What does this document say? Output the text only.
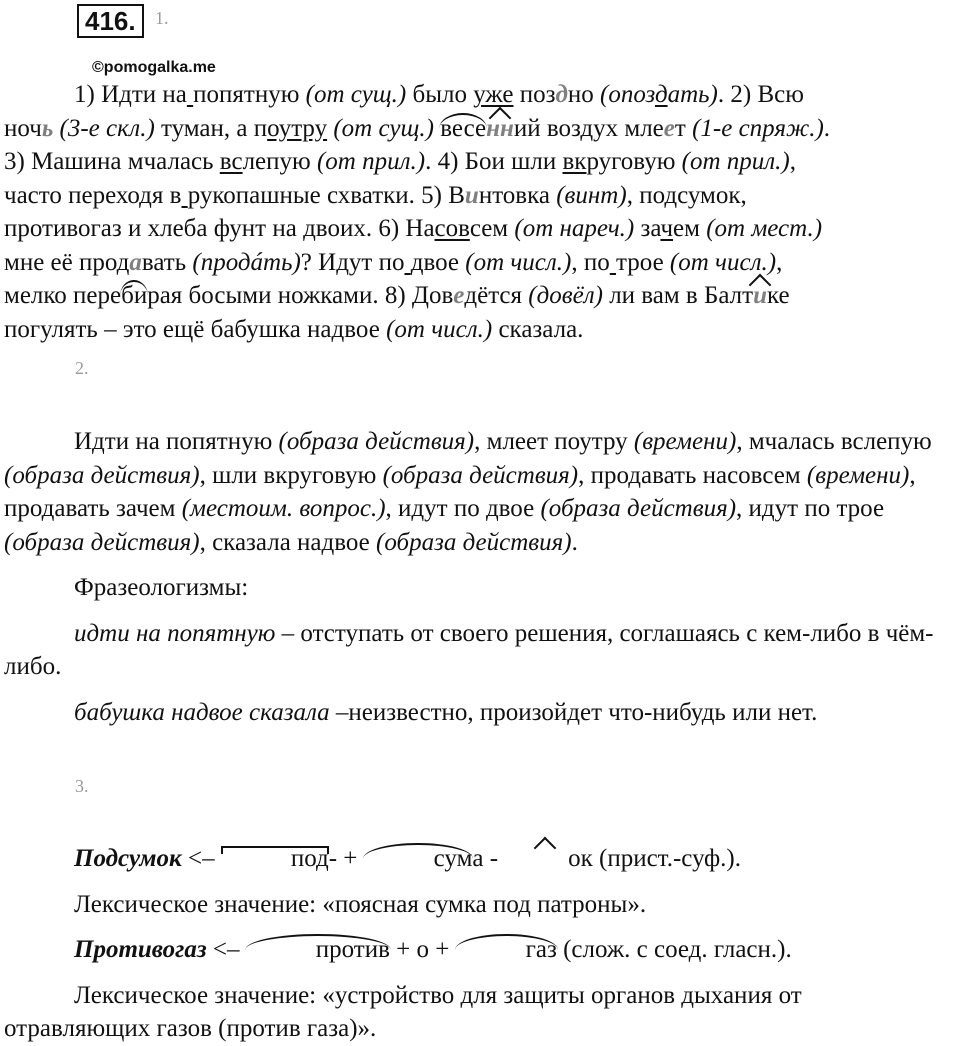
416.	1.
©pomogalka.me
1) Идти на попятную (от сущ.) было уже поздно (опоздать). 2) Всю
ночь (3-е скл.) туман, а поутру (от сущ.) весенний воздух млеет (1-е спряж.).
3) Машина мчалась вслепую (от прил.). 4) Бои шли вкруговую (от прил.),
часто переходя в рукопашные схватки. 5) Винтовка (винт), подсумок,
противогаз и хлеба фунт на двоих. 6) Насовсем (от нареч.) зачем (от мест.)
мне её продавать (продáть)? Идут по двое (от числ.), по трое (от числ.),
мелко перебирая босыми ножками. 8) Доведётся (довёл) ли вам в Балтике
погулять – это ещё бабушка надвое (от числ.) сказала.
2.

Идти на попятную (образа действия), млеет поутру (времени), мчалась вслепую (образа действия), шли вкруговую (образа действия), продавать насовсем (времени), продавать зачем (местоим. вопрос.), идут по двое (образа действия), идут по трое (образа действия), сказала надвое (образа действия).

Фразеологизмы:

идти на попятную – отступать от своего решения, соглашаясь с кем-либо в чём-либо.

бабушка надвое сказала –неизвестно, произойдет что-нибудь или нет.

3.

Подсумок <–	под- +	сума -	ок (прист.-суф.).

Лексическое значение: «поясная сумка под патроны».

Противогаз <–	против + о +	газ (слож. с соед. гласн.).

Лексическое значение: «устройство для защиты органов дыхания от отравляющих газов (против газа)».
